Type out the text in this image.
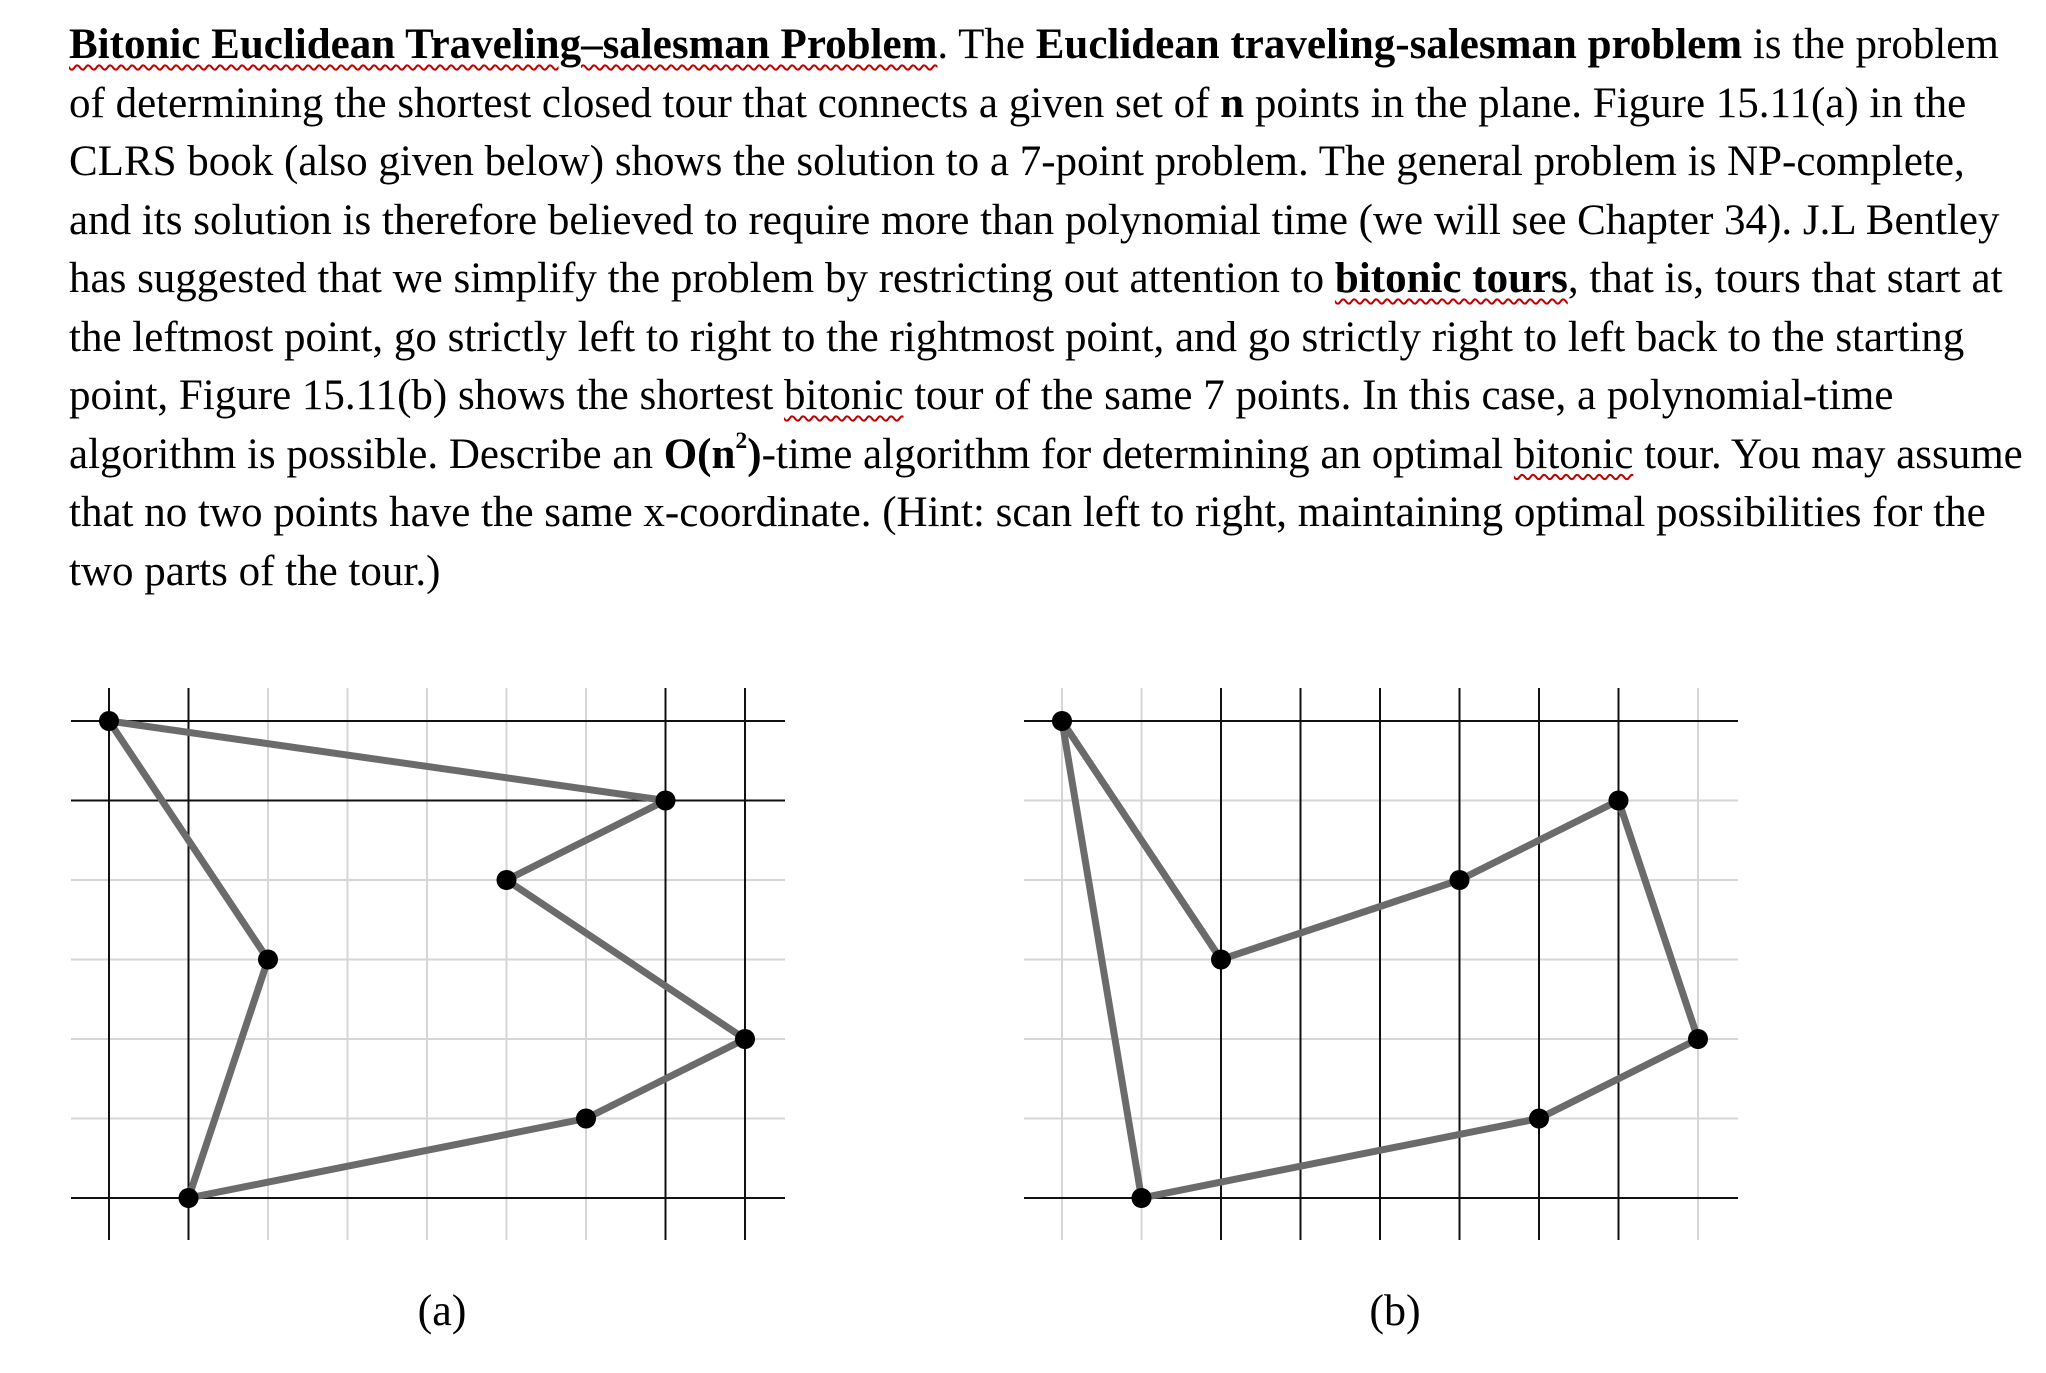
Bitonic Euclidean Traveling–salesman Problem. The Euclidean traveling-salesman problem is the problem of determining the shortest closed tour that connects a given set of n points in the plane. Figure 15.11(a) in the CLRS book (also given below) shows the solution to a 7-point problem. The general problem is NP-complete, and its solution is therefore believed to require more than polynomial time (we will see Chapter 34). J.L Bentley has suggested that we simplify the problem by restricting out attention to bitonic tours, that is, tours that start at the leftmost point, go strictly left to right to the rightmost point, and go strictly right to left back to the starting point, Figure 15.11(b) shows the shortest bitonic tour of the same 7 points. In this case, a polynomial-time algorithm is possible. Describe an $O(n^2)$-time algorithm for determining an optimal bitonic tour. You may assume that no two points have the same x-coordinate. (Hint: scan left to right, maintaining optimal possibilities for the two parts of the tour.)

(a)	(b)
